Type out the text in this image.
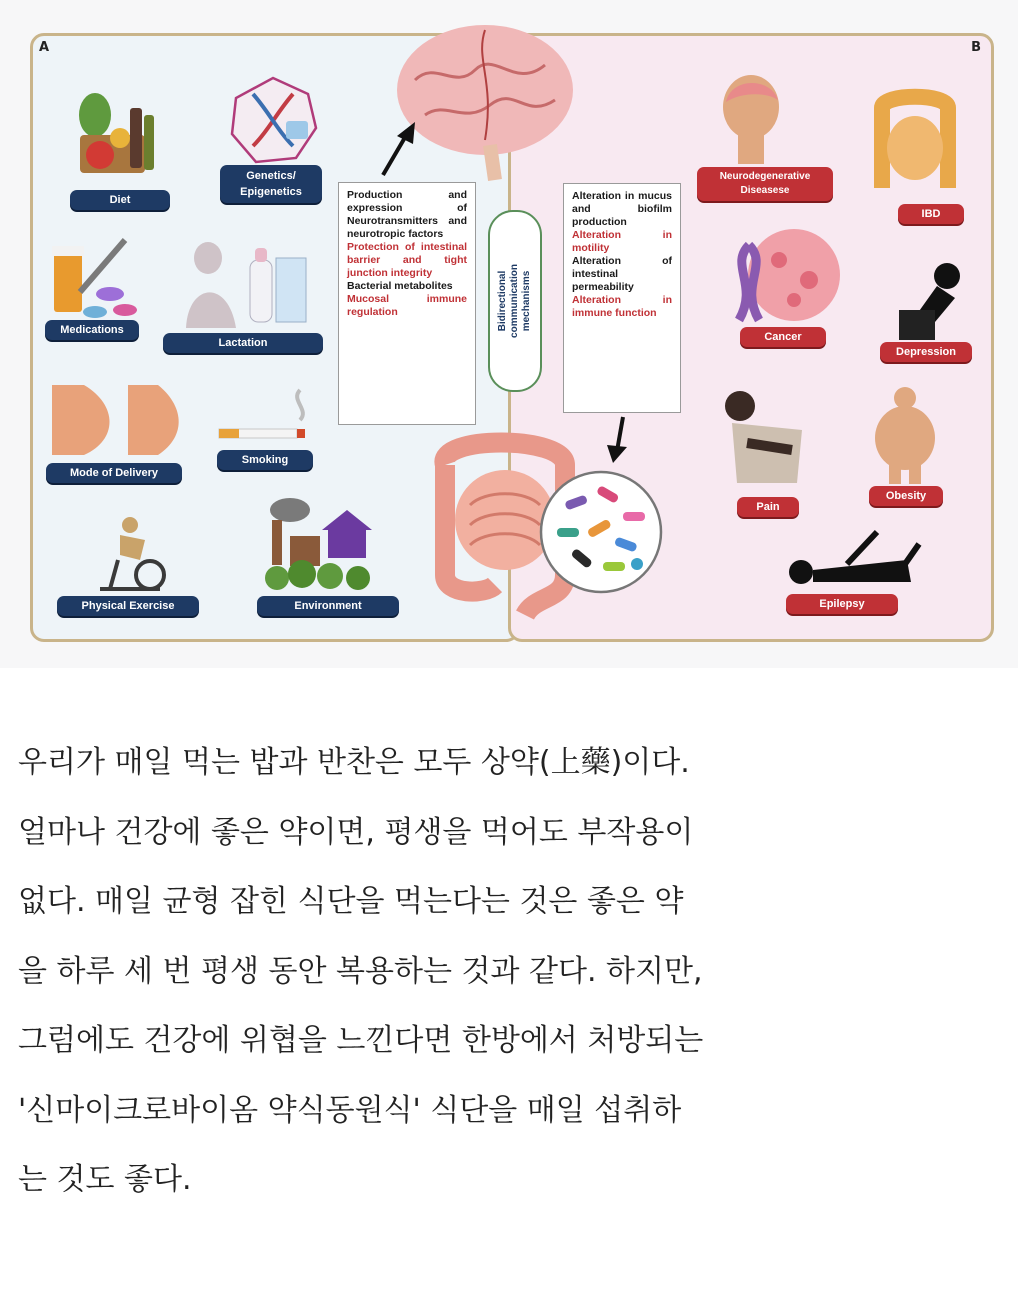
A	B
Diet
Genetics/
Epigenetics
Medications
Lactation
Mode of Delivery
Smoking
Physical Exercise	Environment
Production and expression of Neurotransmitters and neurotropic factors
Protection of intestinal barrier and tight junction integrity
Bacterial metabolites
Mucosal immune regulation	Bidirectional
communication
mechanisms
Alteration in mucus and biofilm production
Alteration in motility
Alteration of intestinal permeability
Alteration in immune function
Neurodegenerative
Diseasese
IBD
Cancer
Depression
Pain
Obesity
Epilepsy

우리가 매일 먹는 밥과 반찬은 모두 상약(上藥)이다.

얼마나 건강에 좋은 약이면, 평생을 먹어도 부작용이

없다. 매일 균형 잡힌 식단을 먹는다는 것은 좋은 약

을 하루 세 번 평생 동안 복용하는 것과 같다. 하지만,

그럼에도 건강에 위협을 느낀다면 한방에서 처방되는

'신마이크로바이옴 약식동원식' 식단을 매일 섭취하

는 것도 좋다.
